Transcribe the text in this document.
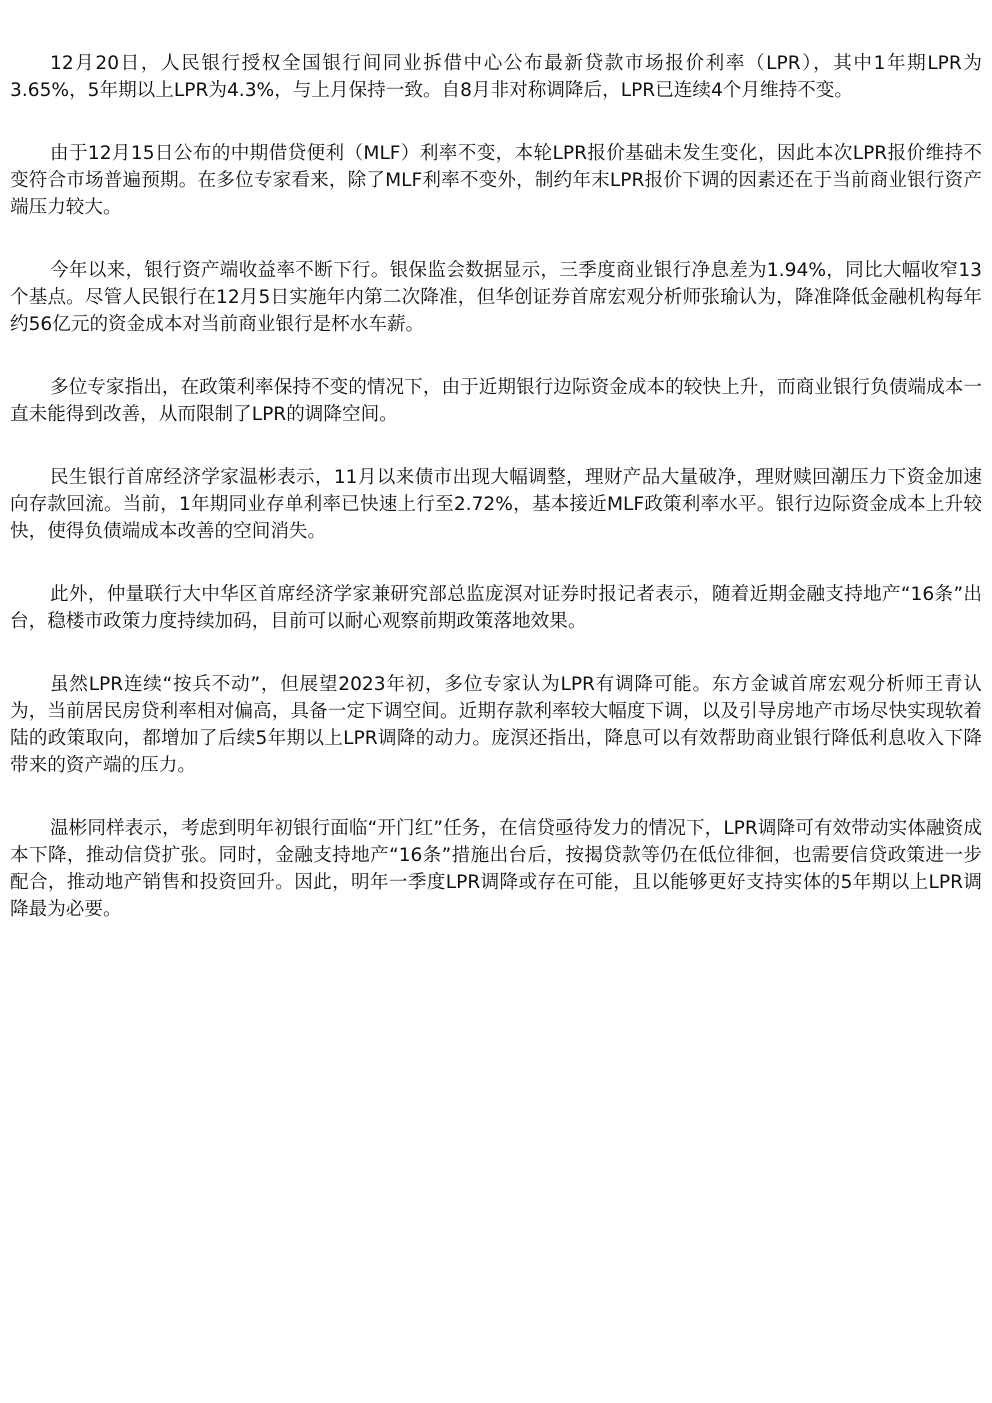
12月20日，人民银行授权全国银行间同业拆借中心公布最新贷款市场报价利率（LPR），其中1年期LPR为3.65%，5年期以上LPR为4.3%，与上月保持一致。自8月非对称调降后，LPR已连续4个月维持不变。

由于12月15日公布的中期借贷便利（MLF）利率不变，本轮LPR报价基础未发生变化，因此本次LPR报价维持不变符合市场普遍预期。在多位专家看来，除了MLF利率不变外，制约年末LPR报价下调的因素还在于当前商业银行资产端压力较大。

今年以来，银行资产端收益率不断下行。银保监会数据显示，三季度商业银行净息差为1.94%，同比大幅收窄13个基点。尽管人民银行在12月5日实施年内第二次降准，但华创证券首席宏观分析师张瑜认为，降准降低金融机构每年约56亿元的资金成本对当前商业银行是杯水车薪。

多位专家指出，在政策利率保持不变的情况下，由于近期银行边际资金成本的较快上升，而商业银行负债端成本一直未能得到改善，从而限制了LPR的调降空间。

民生银行首席经济学家温彬表示，11月以来债市出现大幅调整，理财产品大量破净，理财赎回潮压力下资金加速向存款回流。当前，1年期同业存单利率已快速上行至2.72%，基本接近MLF政策利率水平。银行边际资金成本上升较快，使得负债端成本改善的空间消失。

此外，仲量联行大中华区首席经济学家兼研究部总监庞溟对证券时报记者表示，随着近期金融支持地产“16条”出台，稳楼市政策力度持续加码，目前可以耐心观察前期政策落地效果。

虽然LPR连续“按兵不动”，但展望2023年初，多位专家认为LPR有调降可能。东方金诚首席宏观分析师王青认为，当前居民房贷利率相对偏高，具备一定下调空间。近期存款利率较大幅度下调，以及引导房地产市场尽快实现软着陆的政策取向，都增加了后续5年期以上LPR调降的动力。庞溟还指出，降息可以有效帮助商业银行降低利息收入下降带来的资产端的压力。

温彬同样表示，考虑到明年初银行面临“开门红”任务，在信贷亟待发力的情况下，LPR调降可有效带动实体融资成本下降，推动信贷扩张。同时，金融支持地产“16条”措施出台后，按揭贷款等仍在低位徘徊，也需要信贷政策进一步配合，推动地产销售和投资回升。因此，明年一季度LPR调降或存在可能，且以能够更好支持实体的5年期以上LPR调降最为必要。
